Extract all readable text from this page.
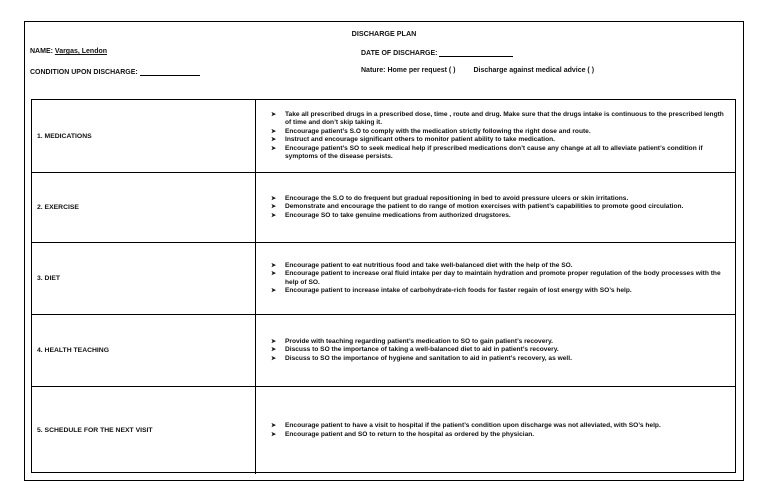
DISCHARGE PLAN
NAME: Vargas, Lendon	DATE OF DISCHARGE:
CONDITION UPON DISCHARGE:	Nature: Home per request ( )	Discharge against medical advice ( )
1. MEDICATIONS
➤ Take all prescribed drugs in a prescribed dose, time , route and drug. Make sure that the drugs intake is continuous to the prescribed length of time and don’t skip taking it.
➤ Encourage patient’s S.O to comply with the medication strictly following the right dose and route.
➤ Instruct and encourage significant others to monitor patient ability to take medication.
➤ Encourage patient’s SO to seek medical help if prescribed medications don’t cause any change at all to alleviate patient’s condition if symptoms of the disease persists.
2. EXERCISE
➤ Encourage the S.O to do frequent but gradual repositioning in bed to avoid pressure ulcers or skin irritations.
➤ Demonstrate and encourage the patient to do range of motion exercises with patient’s capabilities to promote good circulation.
➤ Encourage SO to take genuine medications from authorized drugstores.
3. DIET
➤ Encourage patient to eat nutritious food and take well-balanced diet with the help of the SO.
➤ Encourage patient to increase oral fluid intake per day to maintain hydration and promote proper regulation of the body processes with the help of SO.
➤ Encourage patient to increase intake of carbohydrate-rich foods for faster regain of lost energy with SO’s help.
4. HEALTH TEACHING
➤ Provide with teaching regarding patient’s medication to SO to gain patient’s recovery.
➤ Discuss to SO the importance of taking a well-balanced diet to aid in patient’s recovery.
➤ Discuss to SO the importance of hygiene and sanitation to aid in patient’s recovery, as well.
5. SCHEDULE FOR THE NEXT VISIT
➤ Encourage patient to have a visit to hospital if the patient’s condition upon discharge was not alleviated, with SO’s help.
➤ Encourage patient and SO to return to the hospital as ordered by the physician.
